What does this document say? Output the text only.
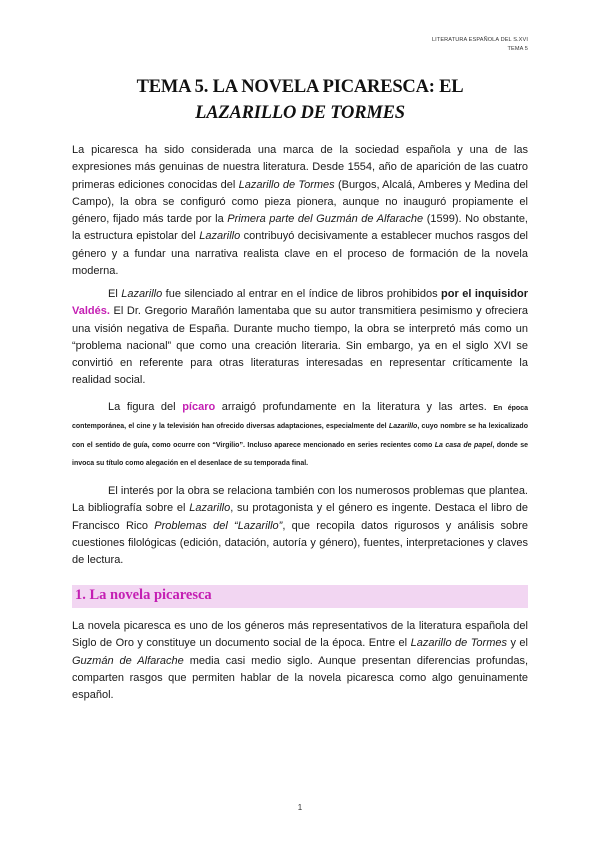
LITERATURA ESPAÑOLA DEL S.XVI
TEMA 5
TEMA 5. LA NOVELA PICARESCA: EL
LAZARILLO DE TORMES

La picaresca ha sido considerada una marca de la sociedad española y una de las expresiones más genuinas de nuestra literatura. Desde 1554, año de aparición de las cuatro primeras ediciones conocidas del Lazarillo de Tormes (Burgos, Alcalá, Amberes y Medina del Campo), la obra se configuró como pieza pionera, aunque no inauguró propiamente el género, fijado más tarde por la Primera parte del Guzmán de Alfarache (1599). No obstante, la estructura epistolar del Lazarillo contribuyó decisivamente a establecer muchos rasgos del género y a fundar una narrativa realista clave en el proceso de formación de la novela moderna.

El Lazarillo fue silenciado al entrar en el índice de libros prohibidos por el inquisidor Valdés. El Dr. Gregorio Marañón lamentaba que su autor transmitiera pesimismo y ofreciera una visión negativa de España. Durante mucho tiempo, la obra se interpretó más como un “problema nacional” que como una creación literaria. Sin embargo, ya en el siglo XVI se convirtió en referente para otras literaturas interesadas en representar críticamente la realidad social.

La figura del pícaro arraigó profundamente en la literatura y las artes. En época contemporánea, el cine y la televisión han ofrecido diversas adaptaciones, especialmente del Lazarillo, cuyo nombre se ha lexicalizado con el sentido de guía, como ocurre con “Virgilio”. Incluso aparece mencionado en series recientes como La casa de papel, donde se invoca su título como alegación en el desenlace de su temporada final.

El interés por la obra se relaciona también con los numerosos problemas que plantea. La bibliografía sobre el Lazarillo, su protagonista y el género es ingente. Destaca el libro de Francisco Rico Problemas del “Lazarillo”, que recopila datos rigurosos y análisis sobre cuestiones filológicas (edición, datación, autoría y género), fuentes, interpretaciones y claves de lectura.

1. La novela picaresca

La novela picaresca es uno de los géneros más representativos de la literatura española del Siglo de Oro y constituye un documento social de la época. Entre el Lazarillo de Tormes y el Guzmán de Alfarache media casi medio siglo. Aunque presentan diferencias profundas, comparten rasgos que permiten hablar de la novela picaresca como algo genuinamente español.

1
